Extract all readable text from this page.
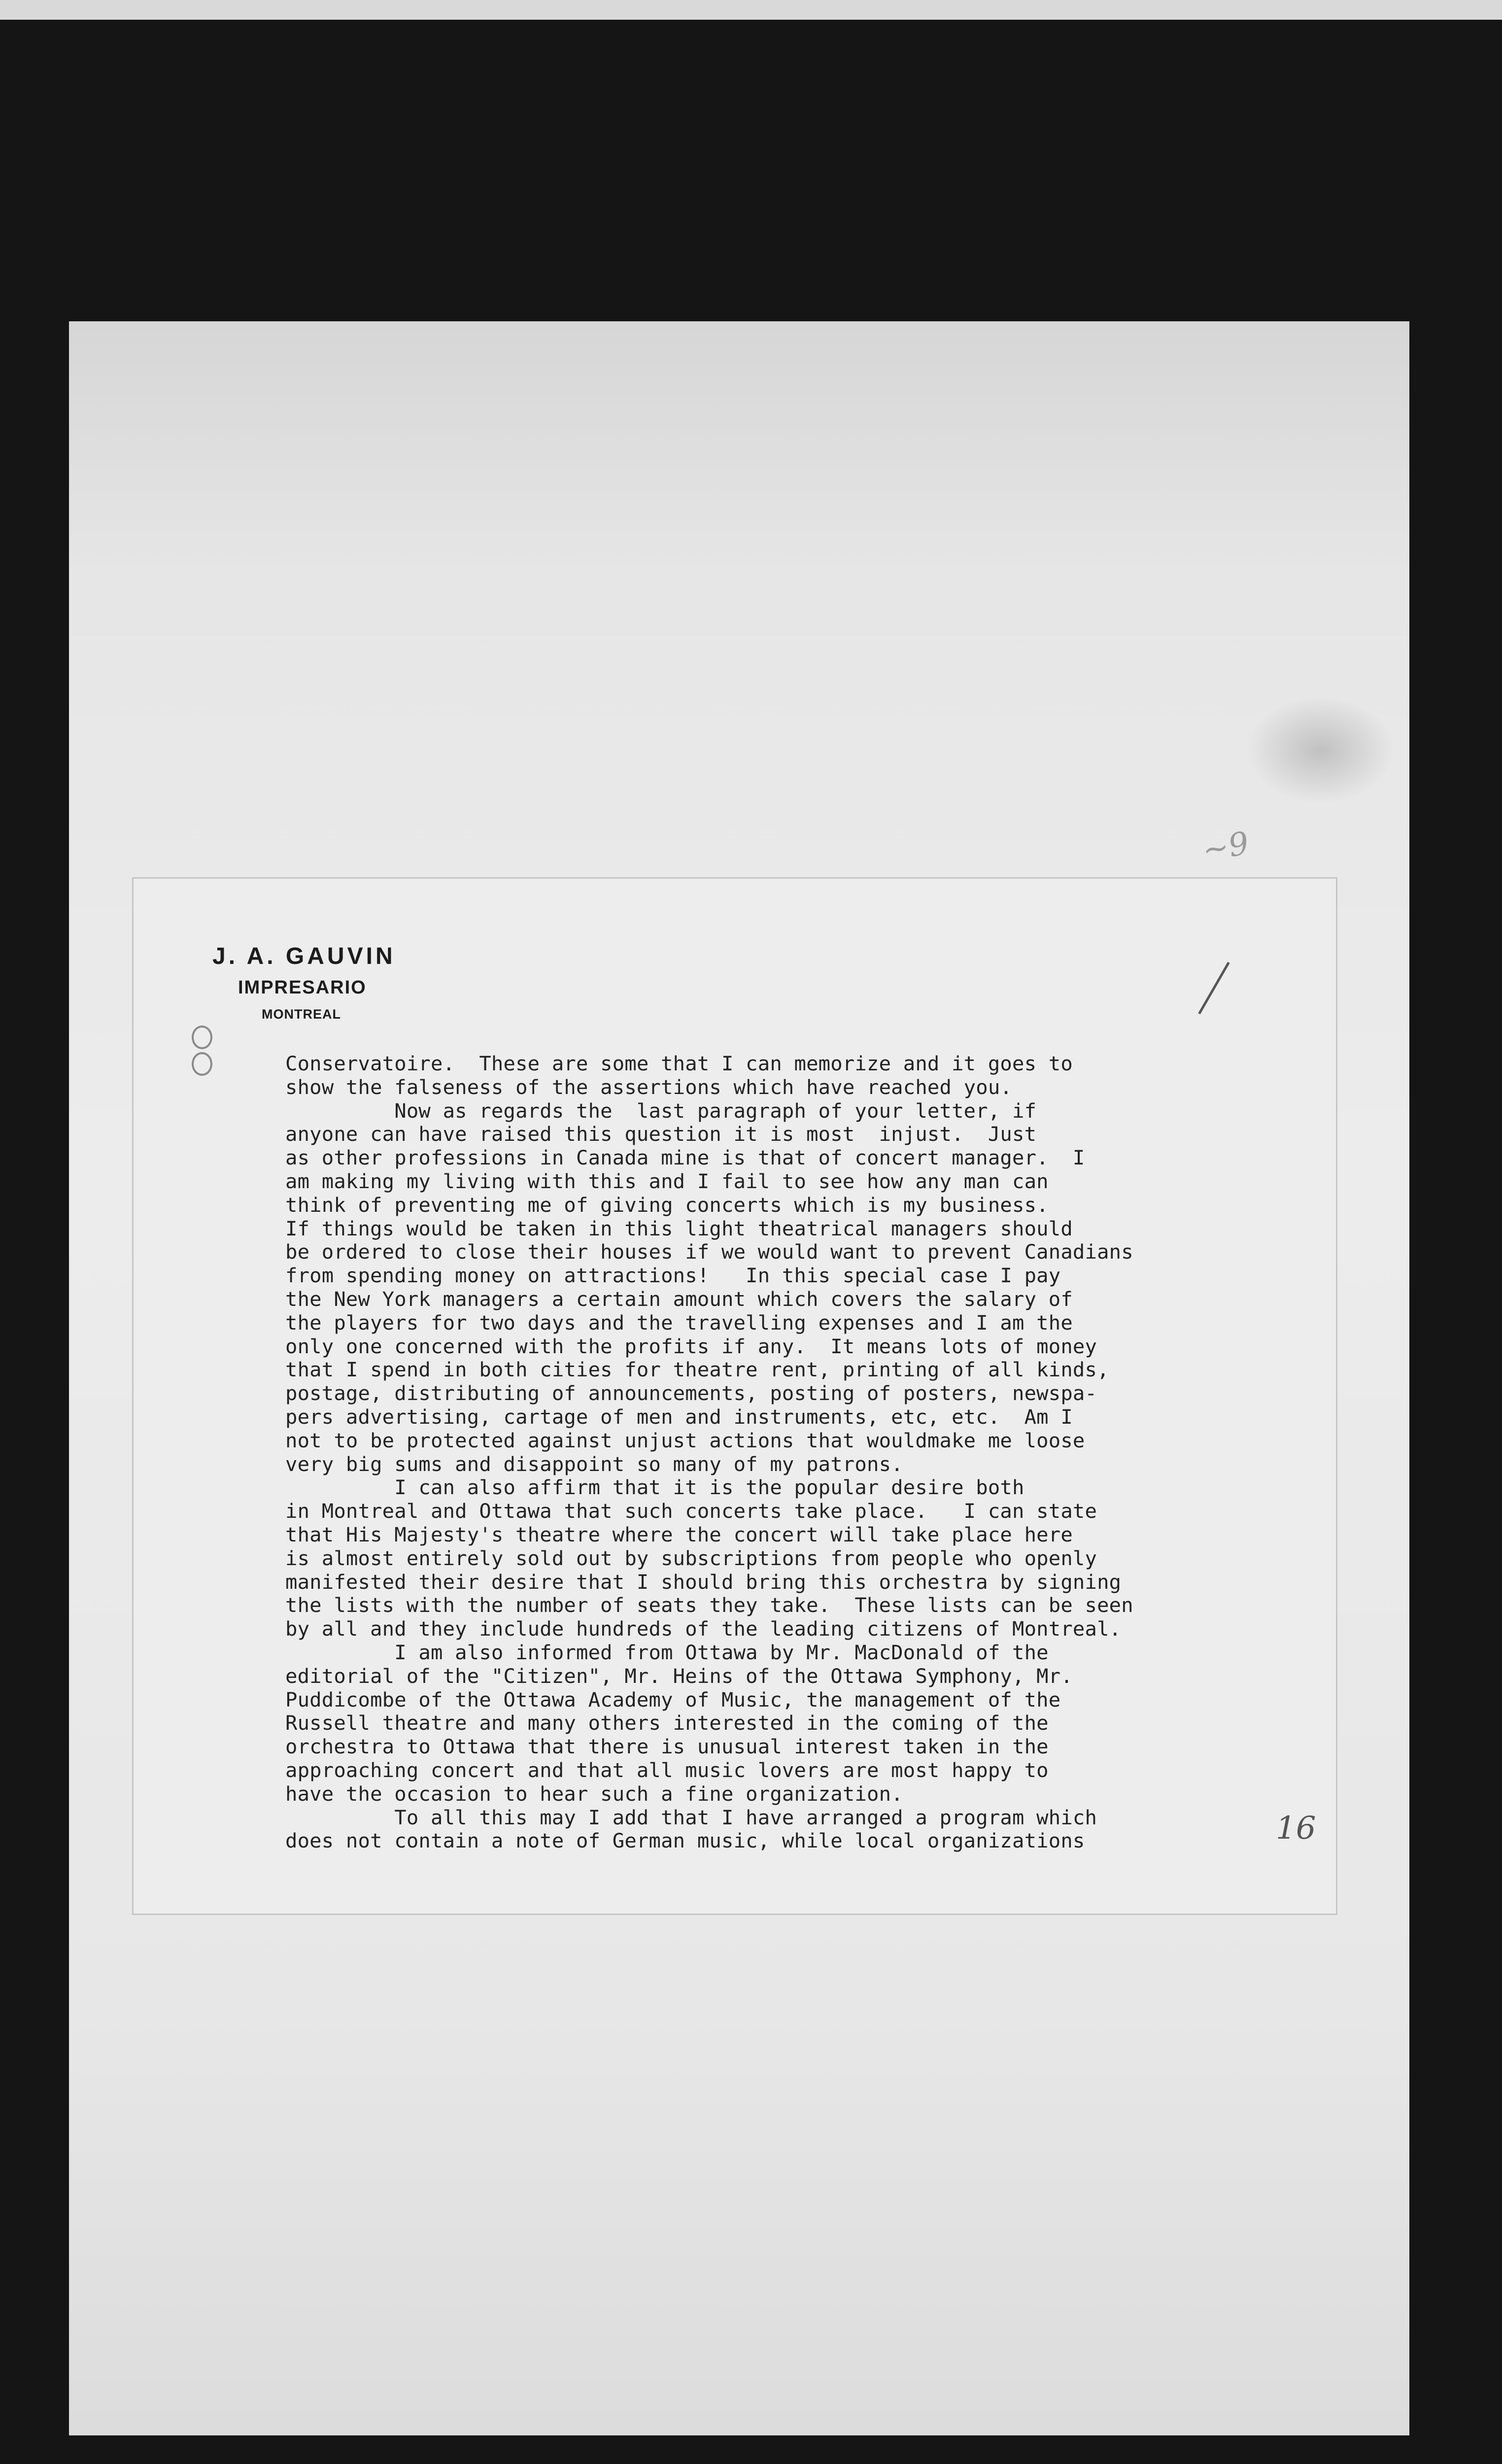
~9
J. A. GAUVIN
IMPRESARIO
MONTREAL
Conservatoire.  These are some that I can memorize and it goes to
show the falseness of the assertions which have reached you.
Now as regards the  last paragraph of your letter, if
anyone can have raised this question it is most  injust.  Just
as other professions in Canada mine is that of concert manager.  I
am making my living with this and I fail to see how any man can
think of preventing me of giving concerts which is my business.
If things would be taken in this light theatrical managers should
be ordered to close their houses if we would want to prevent Canadians
from spending money on attractions!   In this special case I pay
the New York managers a certain amount which covers the salary of
the players for two days and the travelling expenses and I am the
only one concerned with the profits if any.  It means lots of money
that I spend in both cities for theatre rent, printing of all kinds,
postage, distributing of announcements, posting of posters, newspa-
pers advertising, cartage of men and instruments, etc, etc.  Am I
not to be protected against unjust actions that wouldmake me loose
very big sums and disappoint so many of my patrons.
I can also affirm that it is the popular desire both
in Montreal and Ottawa that such concerts take place.   I can state
that His Majesty's theatre where the concert will take place here
is almost entirely sold out by subscriptions from people who openly
manifested their desire that I should bring this orchestra by signing
the lists with the number of seats they take.  These lists can be seen
by all and they include hundreds of the leading citizens of Montreal.
I am also informed from Ottawa by Mr. MacDonald of the
editorial of the "Citizen", Mr. Heins of the Ottawa Symphony, Mr.
Puddicombe of the Ottawa Academy of Music, the management of the
Russell theatre and many others interested in the coming of the
orchestra to Ottawa that there is unusual interest taken in the
approaching concert and that all music lovers are most happy to
have the occasion to hear such a fine organization.
To all this may I add that I have arranged a program which
does not contain a note of German music, while local organizations	16
